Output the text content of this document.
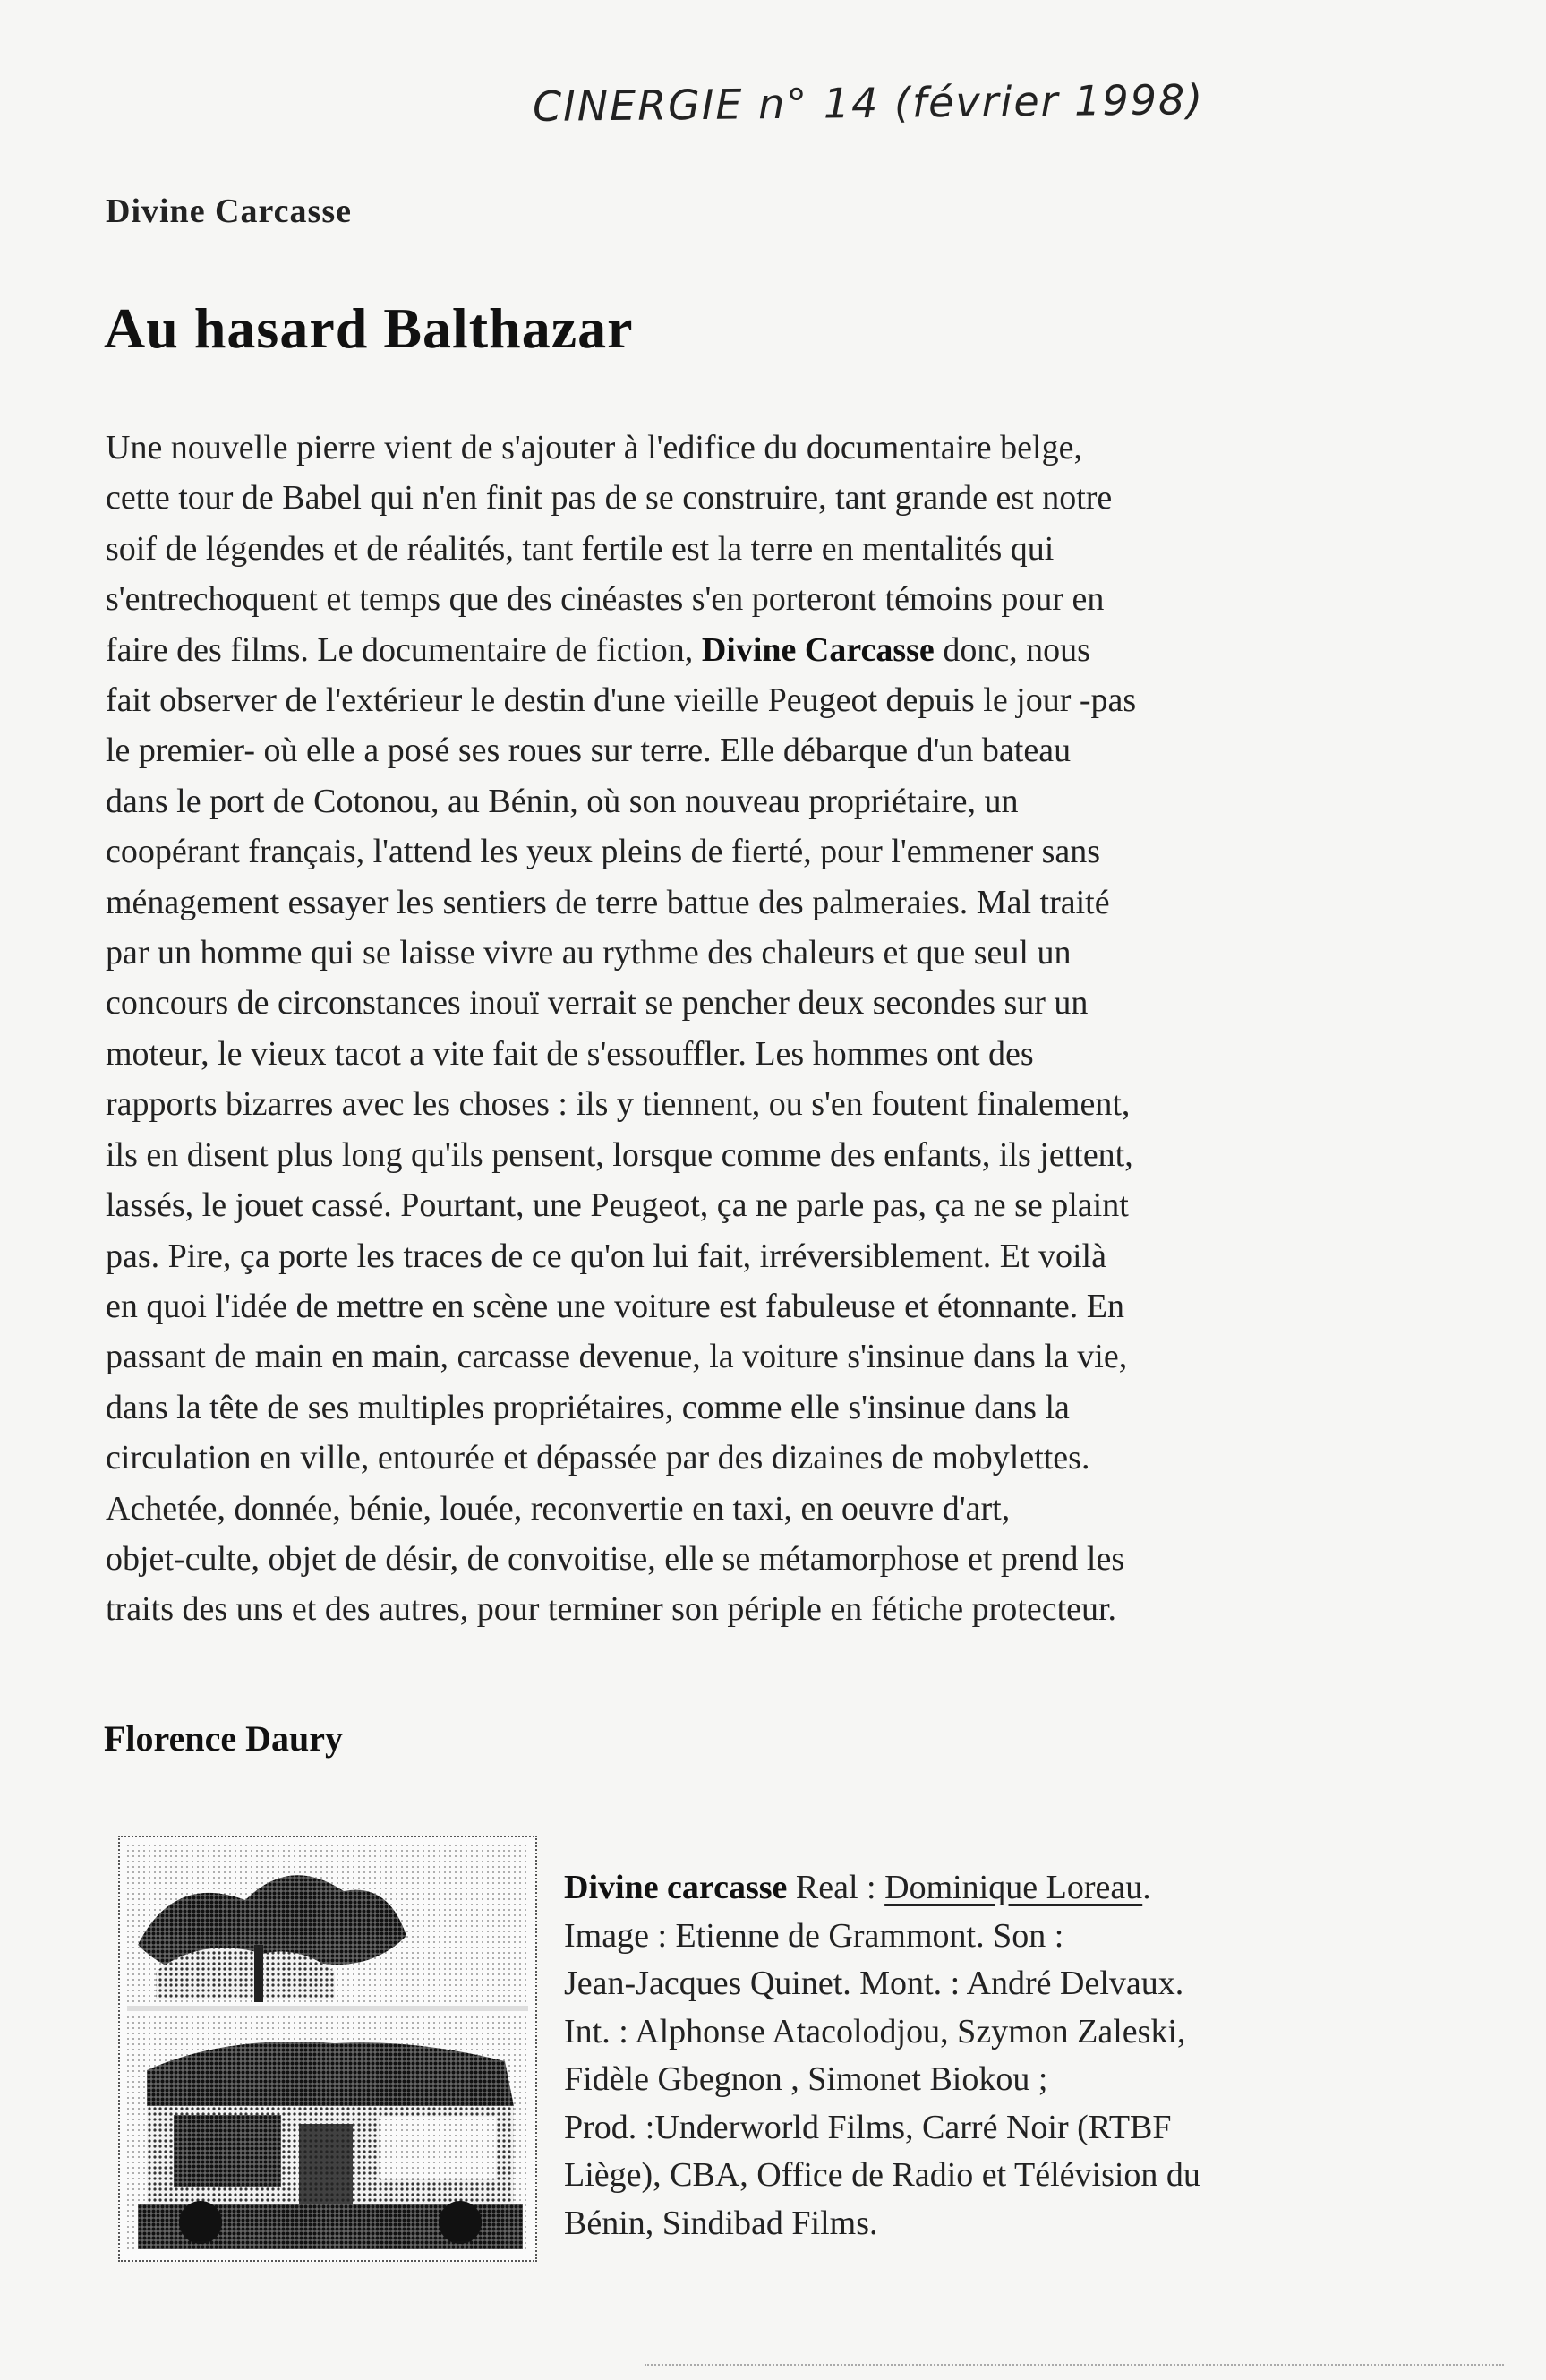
CINERGIE n° 14 (février 1998)
Divine Carcasse
Au hasard Balthazar
Une nouvelle pierre vient de s'ajouter à l'edifice du documentaire belge,
cette tour de Babel qui n'en finit pas de se construire, tant grande est notre
soif de légendes et de réalités, tant fertile est la terre en mentalités qui
s'entrechoquent et temps que des cinéastes s'en porteront témoins pour en
faire des films. Le documentaire de fiction, Divine Carcasse donc, nous
fait observer de l'extérieur le destin d'une vieille Peugeot depuis le jour -pas
le premier- où elle a posé ses roues sur terre. Elle débarque d'un bateau
dans le port de Cotonou, au Bénin, où son nouveau propriétaire, un
coopérant français, l'attend les yeux pleins de fierté, pour l'emmener sans
ménagement essayer les sentiers de terre battue des palmeraies. Mal traité
par un homme qui se laisse vivre au rythme des chaleurs et que seul un
concours de circonstances inouï verrait se pencher deux secondes sur un
moteur, le vieux tacot a vite fait de s'essouffler. Les hommes ont des
rapports bizarres avec les choses : ils y tiennent, ou s'en foutent finalement,
ils en disent plus long qu'ils pensent, lorsque comme des enfants, ils jettent,
lassés, le jouet cassé. Pourtant, une Peugeot, ça ne parle pas, ça ne se plaint
pas. Pire, ça porte les traces de ce qu'on lui fait, irréversiblement. Et voilà
en quoi l'idée de mettre en scène une voiture est fabuleuse et étonnante. En
passant de main en main, carcasse devenue, la voiture s'insinue dans la vie,
dans la tête de ses multiples propriétaires, comme elle s'insinue dans la
circulation en ville, entourée et dépassée par des dizaines de mobylettes.
Achetée, donnée, bénie, louée, reconvertie en taxi, en oeuvre d'art,
objet-culte, objet de désir, de convoitise, elle se métamorphose et prend les
traits des uns et des autres, pour terminer son périple en fétiche protecteur.
Florence Daury
Divine carcasse Real : Dominique Loreau.
Image : Etienne de Grammont. Son :
Jean-Jacques Quinet. Mont. : André Delvaux.
Int. : Alphonse Atacolodjou, Szymon Zaleski,
Fidèle Gbegnon , Simonet Biokou ;
Prod. :Underworld Films, Carré Noir (RTBF
Liège), CBA, Office de Radio et Télévision du
Bénin, Sindibad Films.
